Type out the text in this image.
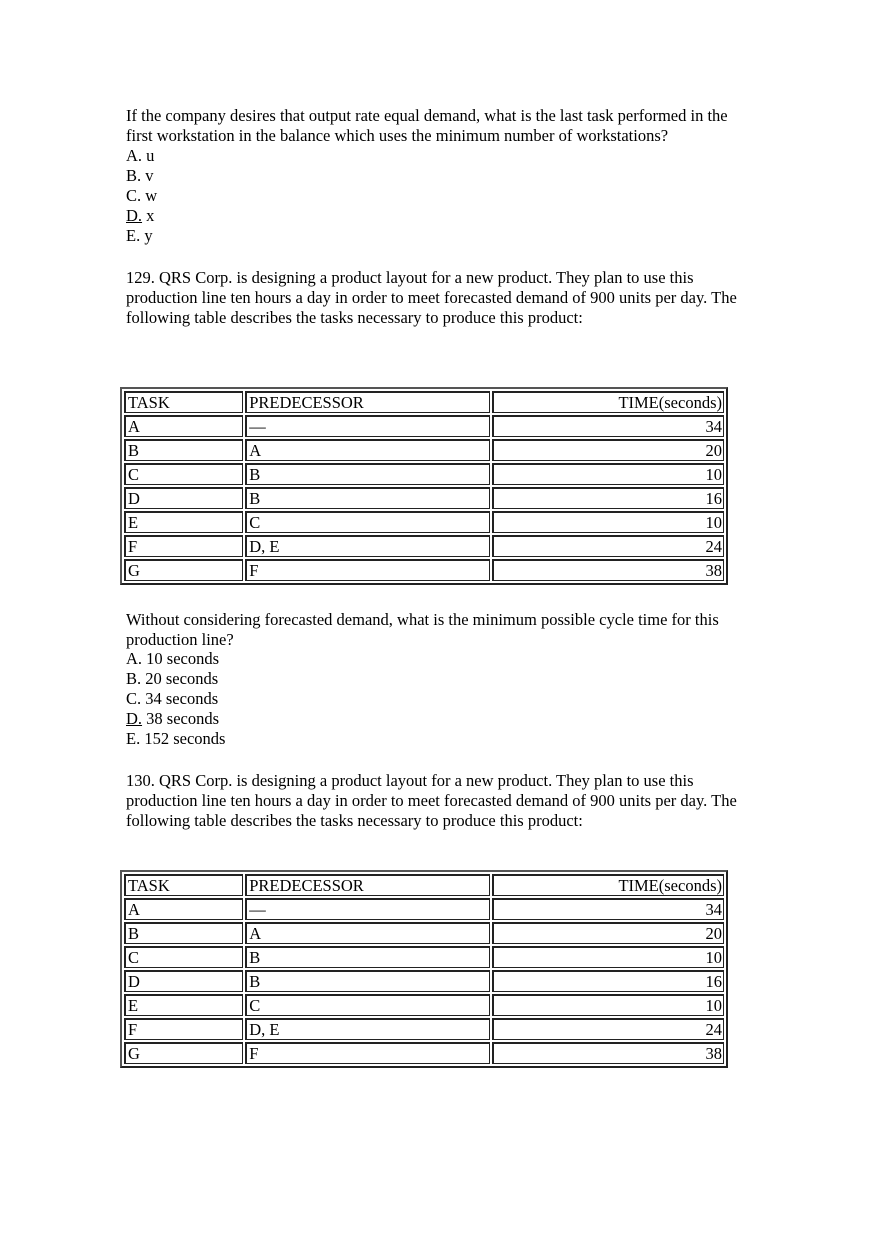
If the company desires that output rate equal demand, what is the last task performed in the
first workstation in the balance which uses the minimum number of workstations?
A. u
B. v
C. w
D. x
E. y
129. QRS Corp. is designing a product layout for a new product. They plan to use this
production line ten hours a day in order to meet forecasted demand of 900 units per day. The
following table describes the tasks necessary to produce this product:
TASK	PREDECESSOR	TIME(seconds)
A	—	34
B	A	20
C	B	10
D	B	16
E	C	10
F	D, E	24
G	F	38
Without considering forecasted demand, what is the minimum possible cycle time for this
production line?
A. 10 seconds
B. 20 seconds
C. 34 seconds
D. 38 seconds
E. 152 seconds
130. QRS Corp. is designing a product layout for a new product. They plan to use this
production line ten hours a day in order to meet forecasted demand of 900 units per day. The
following table describes the tasks necessary to produce this product:
TASK	PREDECESSOR	TIME(seconds)
A	—	34
B	A	20
C	B	10
D	B	16
E	C	10
F	D, E	24
G	F	38
